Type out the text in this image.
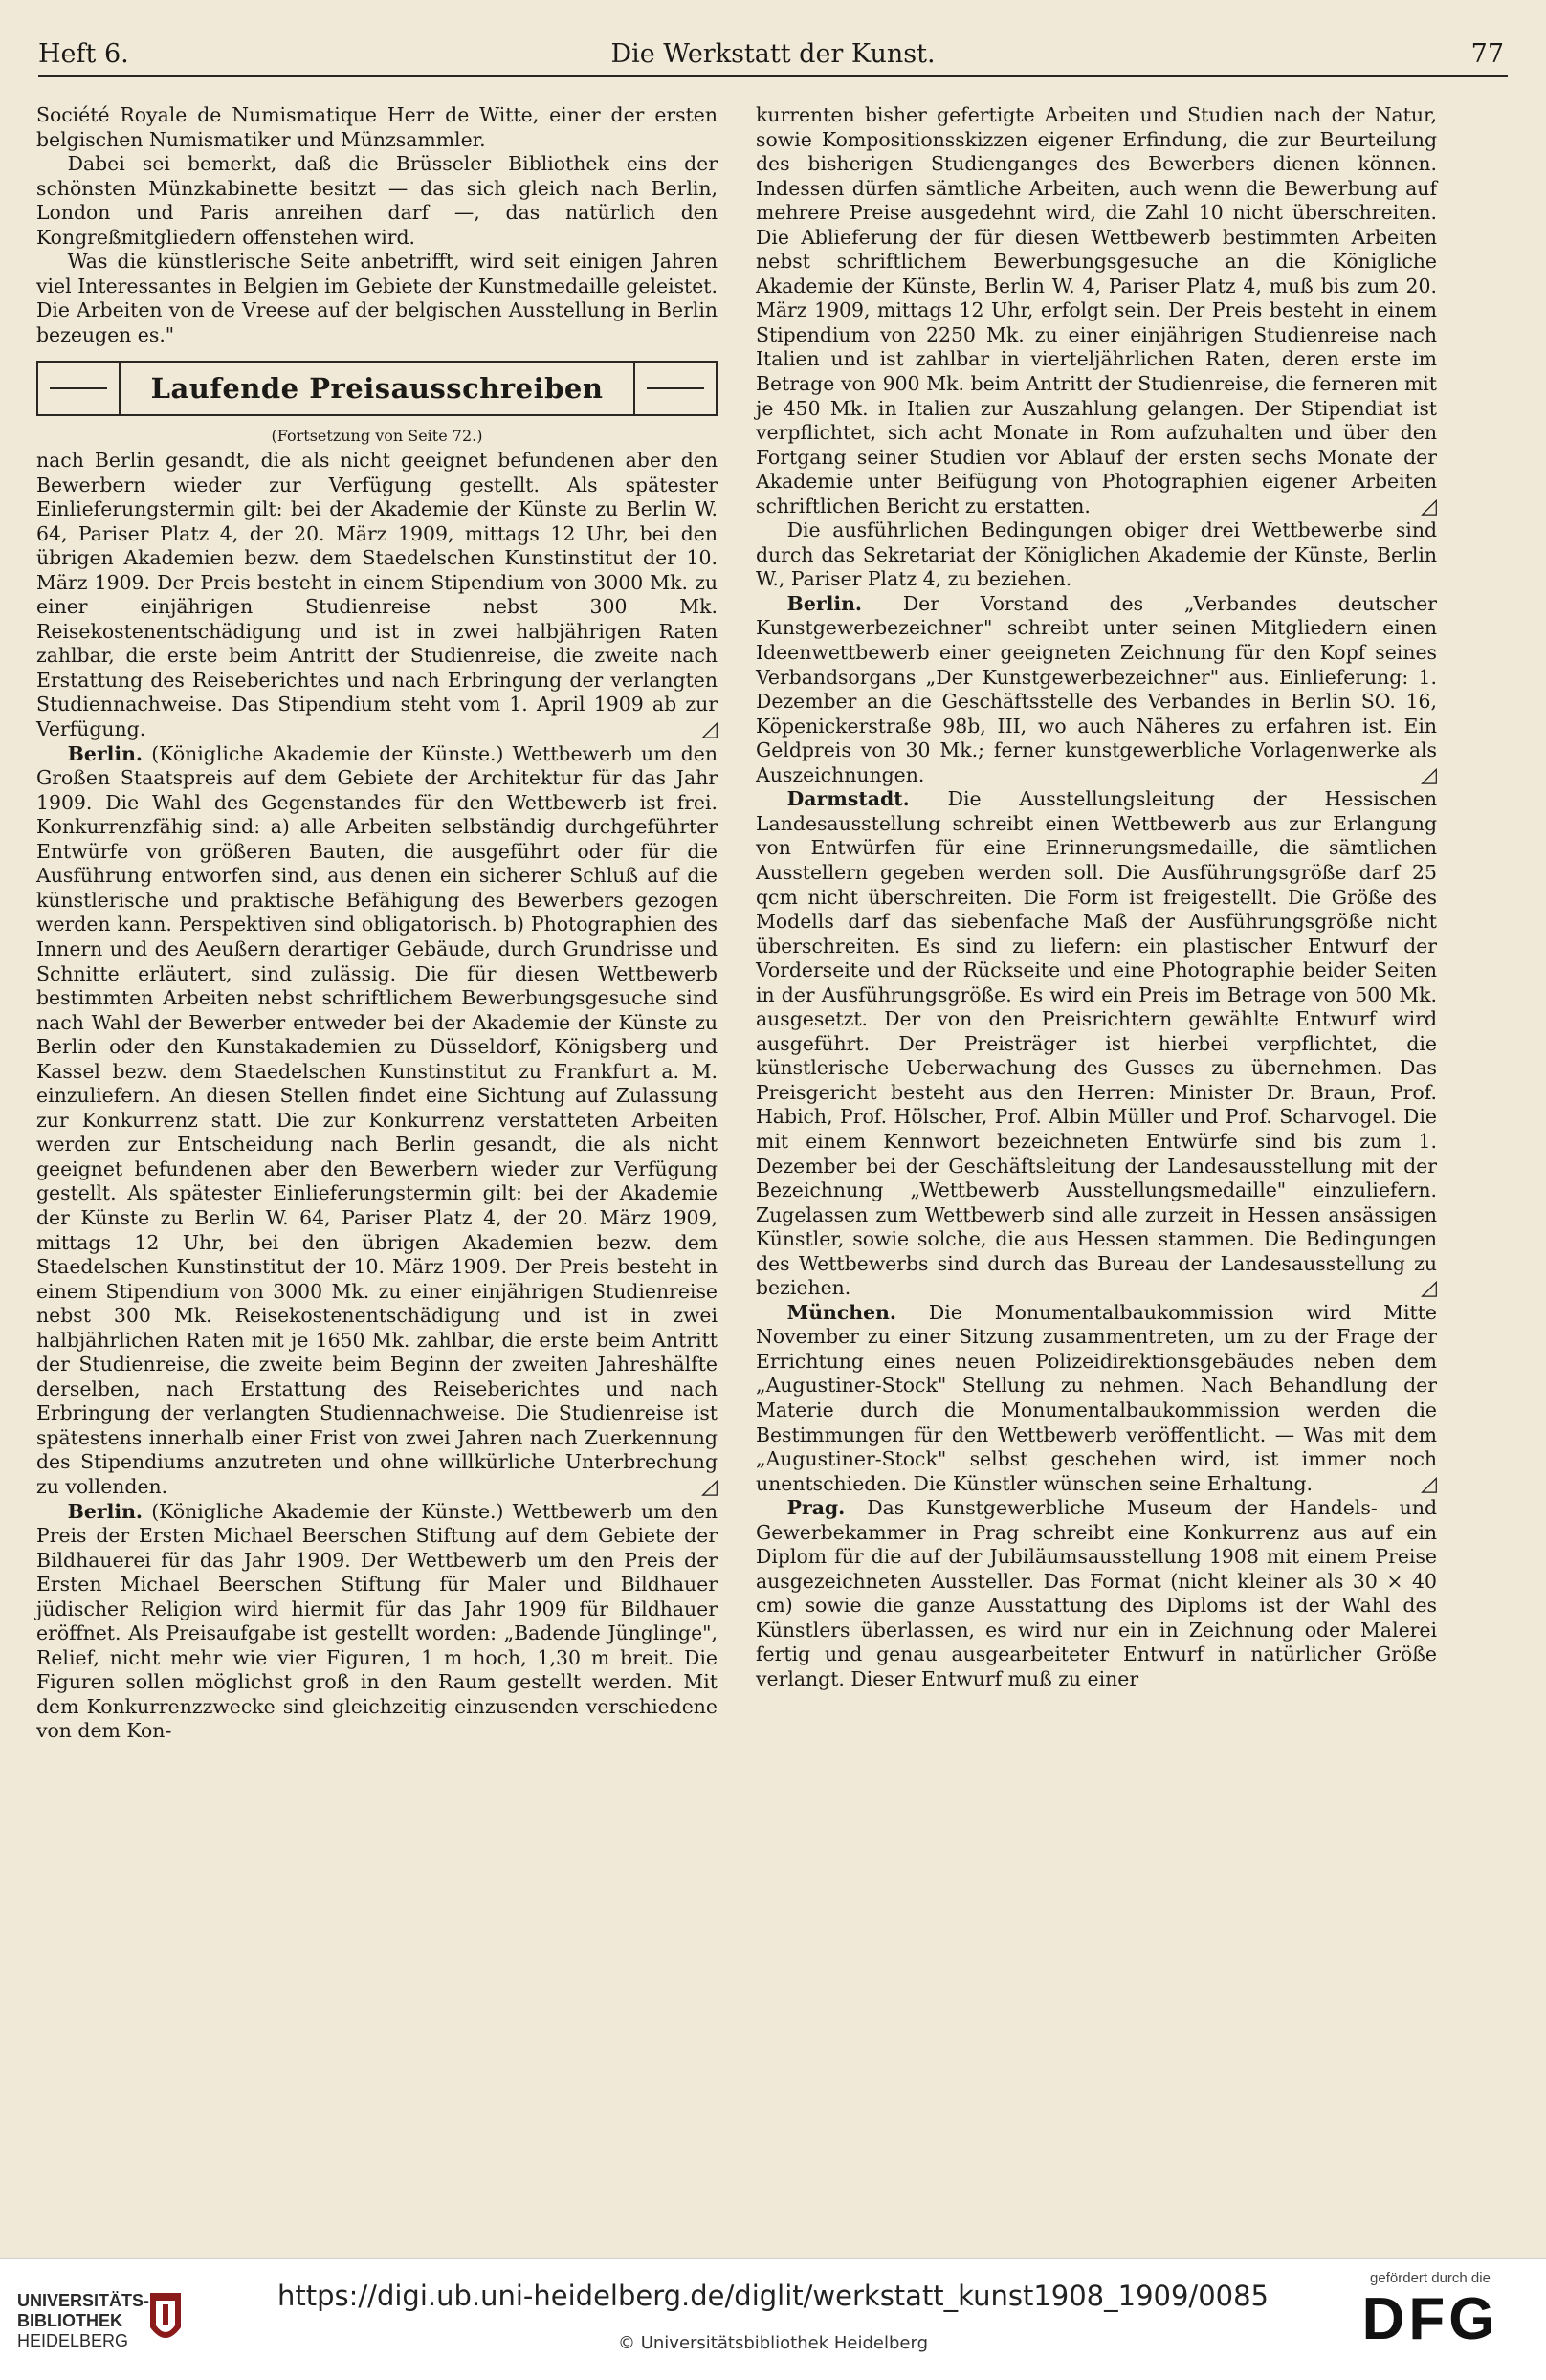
Heft 6.	Die Werkstatt der Kunst.	77

Société Royale de Numismatique Herr de Witte, einer der ersten belgischen Numismatiker und Münzsammler.

Dabei sei bemerkt, daß die Brüsseler Bibliothek eins der schönsten Münzkabinette besitzt — das sich gleich nach Berlin, London und Paris anreihen darf —, das natürlich den Kongreßmitgliedern offenstehen wird.

Was die künstlerische Seite anbetrifft, wird seit einigen Jahren viel Interessantes in Belgien im Gebiete der Kunstmedaille geleistet. Die Arbeiten von de Vreese auf der belgischen Ausstellung in Berlin bezeugen es."

Laufende Preisausschreiben

(Fortsetzung von Seite 72.)

nach Berlin gesandt, die als nicht geeignet befundenen aber den Bewerbern wieder zur Verfügung gestellt. Als spätester Einlieferungstermin gilt: bei der Akademie der Künste zu Berlin W. 64, Pariser Platz 4, der 20. März 1909, mittags 12 Uhr, bei den übrigen Akademien bezw. dem Staedelschen Kunstinstitut der 10. März 1909. Der Preis besteht in einem Stipendium von 3000 Mk. zu einer einjährigen Studienreise nebst 300 Mk. Reisekostenentschädigung und ist in zwei halbjährigen Raten zahlbar, die erste beim Antritt der Studienreise, die zweite nach Erstattung des Reiseberichtes und nach Erbringung der verlangten Studiennachweise. Das Stipendium steht vom 1. April 1909 ab zur Verfügung.	◿

Berlin. (Königliche Akademie der Künste.) Wettbewerb um den Großen Staatspreis auf dem Gebiete der Architektur für das Jahr 1909. Die Wahl des Gegenstandes für den Wettbewerb ist frei. Konkurrenzfähig sind: a) alle Arbeiten selbständig durchgeführter Entwürfe von größeren Bauten, die ausgeführt oder für die Ausführung entworfen sind, aus denen ein sicherer Schluß auf die künstlerische und praktische Befähigung des Bewerbers gezogen werden kann. Perspektiven sind obligatorisch. b) Photographien des Innern und des Aeußern derartiger Gebäude, durch Grundrisse und Schnitte erläutert, sind zulässig. Die für diesen Wettbewerb bestimmten Arbeiten nebst schriftlichem Bewerbungsgesuche sind nach Wahl der Bewerber entweder bei der Akademie der Künste zu Berlin oder den Kunstakademien zu Düsseldorf, Königsberg und Kassel bezw. dem Staedelschen Kunstinstitut zu Frankfurt a. M. einzuliefern. An diesen Stellen findet eine Sichtung auf Zulassung zur Konkurrenz statt. Die zur Konkurrenz verstatteten Arbeiten werden zur Entscheidung nach Berlin gesandt, die als nicht geeignet befundenen aber den Bewerbern wieder zur Verfügung gestellt. Als spätester Einlieferungstermin gilt: bei der Akademie der Künste zu Berlin W. 64, Pariser Platz 4, der 20. März 1909, mittags 12 Uhr, bei den übrigen Akademien bezw. dem Staedelschen Kunstinstitut der 10. März 1909. Der Preis besteht in einem Stipendium von 3000 Mk. zu einer einjährigen Studienreise nebst 300 Mk. Reisekostenentschädigung und ist in zwei halbjährlichen Raten mit je 1650 Mk. zahlbar, die erste beim Antritt der Studienreise, die zweite beim Beginn der zweiten Jahreshälfte derselben, nach Erstattung des Reiseberichtes und nach Erbringung der verlangten Studiennachweise. Die Studienreise ist spätestens innerhalb einer Frist von zwei Jahren nach Zuerkennung des Stipendiums anzutreten und ohne willkürliche Unterbrechung zu vollenden.	◿

Berlin. (Königliche Akademie der Künste.) Wettbewerb um den Preis der Ersten Michael Beerschen Stiftung auf dem Gebiete der Bildhauerei für das Jahr 1909. Der Wettbewerb um den Preis der Ersten Michael Beerschen Stiftung für Maler und Bildhauer jüdischer Religion wird hiermit für das Jahr 1909 für Bildhauer eröffnet. Als Preisaufgabe ist gestellt worden: „Badende Jünglinge", Relief, nicht mehr wie vier Figuren, 1 m hoch, 1,30 m breit. Die Figuren sollen möglichst groß in den Raum gestellt werden. Mit dem Konkurrenzzwecke sind gleichzeitig einzusenden verschiedene von dem Kon-

kurrenten bisher gefertigte Arbeiten und Studien nach der Natur, sowie Kompositionsskizzen eigener Erfindung, die zur Beurteilung des bisherigen Studienganges des Bewerbers dienen können. Indessen dürfen sämtliche Arbeiten, auch wenn die Bewerbung auf mehrere Preise ausgedehnt wird, die Zahl 10 nicht überschreiten. Die Ablieferung der für diesen Wettbewerb bestimmten Arbeiten nebst schriftlichem Bewerbungsgesuche an die Königliche Akademie der Künste, Berlin W. 4, Pariser Platz 4, muß bis zum 20. März 1909, mittags 12 Uhr, erfolgt sein. Der Preis besteht in einem Stipendium von 2250 Mk. zu einer einjährigen Studienreise nach Italien und ist zahlbar in vierteljährlichen Raten, deren erste im Betrage von 900 Mk. beim Antritt der Studienreise, die ferneren mit je 450 Mk. in Italien zur Auszahlung gelangen. Der Stipendiat ist verpflichtet, sich acht Monate in Rom aufzuhalten und über den Fortgang seiner Studien vor Ablauf der ersten sechs Monate der Akademie unter Beifügung von Photographien eigener Arbeiten schriftlichen Bericht zu erstatten.	◿

Die ausführlichen Bedingungen obiger drei Wettbewerbe sind durch das Sekretariat der Königlichen Akademie der Künste, Berlin W., Pariser Platz 4, zu beziehen.

Berlin. Der Vorstand des „Verbandes deutscher Kunstgewerbezeichner" schreibt unter seinen Mitgliedern einen Ideenwettbewerb einer geeigneten Zeichnung für den Kopf seines Verbandsorgans „Der Kunstgewerbezeichner" aus. Einlieferung: 1. Dezember an die Geschäftsstelle des Verbandes in Berlin SO. 16, Köpenickerstraße 98b, III, wo auch Näheres zu erfahren ist. Ein Geldpreis von 30 Mk.; ferner kunstgewerbliche Vorlagenwerke als Auszeichnungen.	◿

Darmstadt. Die Ausstellungsleitung der Hessischen Landesausstellung schreibt einen Wettbewerb aus zur Erlangung von Entwürfen für eine Erinnerungsmedaille, die sämtlichen Ausstellern gegeben werden soll. Die Ausführungsgröße darf 25 qcm nicht überschreiten. Die Form ist freigestellt. Die Größe des Modells darf das siebenfache Maß der Ausführungsgröße nicht überschreiten. Es sind zu liefern: ein plastischer Entwurf der Vorderseite und der Rückseite und eine Photographie beider Seiten in der Ausführungsgröße. Es wird ein Preis im Betrage von 500 Mk. ausgesetzt. Der von den Preisrichtern gewählte Entwurf wird ausgeführt. Der Preisträger ist hierbei verpflichtet, die künstlerische Ueberwachung des Gusses zu übernehmen. Das Preisgericht besteht aus den Herren: Minister Dr. Braun, Prof. Habich, Prof. Hölscher, Prof. Albin Müller und Prof. Scharvogel. Die mit einem Kennwort bezeichneten Entwürfe sind bis zum 1. Dezember bei der Geschäftsleitung der Landesausstellung mit der Bezeichnung „Wettbewerb Ausstellungsmedaille" einzuliefern. Zugelassen zum Wettbewerb sind alle zurzeit in Hessen ansässigen Künstler, sowie solche, die aus Hessen stammen. Die Bedingungen des Wettbewerbs sind durch das Bureau der Landesausstellung zu beziehen.	◿

München. Die Monumentalbaukommission wird Mitte November zu einer Sitzung zusammentreten, um zu der Frage der Errichtung eines neuen Polizeidirektionsgebäudes neben dem „Augustiner-Stock" Stellung zu nehmen. Nach Behandlung der Materie durch die Monumentalbaukommission werden die Bestimmungen für den Wettbewerb veröffentlicht. — Was mit dem „Augustiner-Stock" selbst geschehen wird, ist immer noch unentschieden. Die Künstler wünschen seine Erhaltung.	◿

Prag. Das Kunstgewerbliche Museum der Handels- und Gewerbekammer in Prag schreibt eine Konkurrenz aus auf ein Diplom für die auf der Jubiläumsausstellung 1908 mit einem Preise ausgezeichneten Aussteller. Das Format (nicht kleiner als 30 × 40 cm) sowie die ganze Ausstattung des Diploms ist der Wahl des Künstlers überlassen, es wird nur ein in Zeichnung oder Malerei fertig und genau ausgearbeiteter Entwurf in natürlicher Größe verlangt. Dieser Entwurf muß zu einer

UNIVERSITÄTS-
BIBLIOTHEK
HEIDELBERG
https://digi.ub.uni-heidelberg.de/diglit/werkstatt_kunst1908_1909/0085
© Universitätsbibliothek Heidelberg
gefördert durch die
DFG
